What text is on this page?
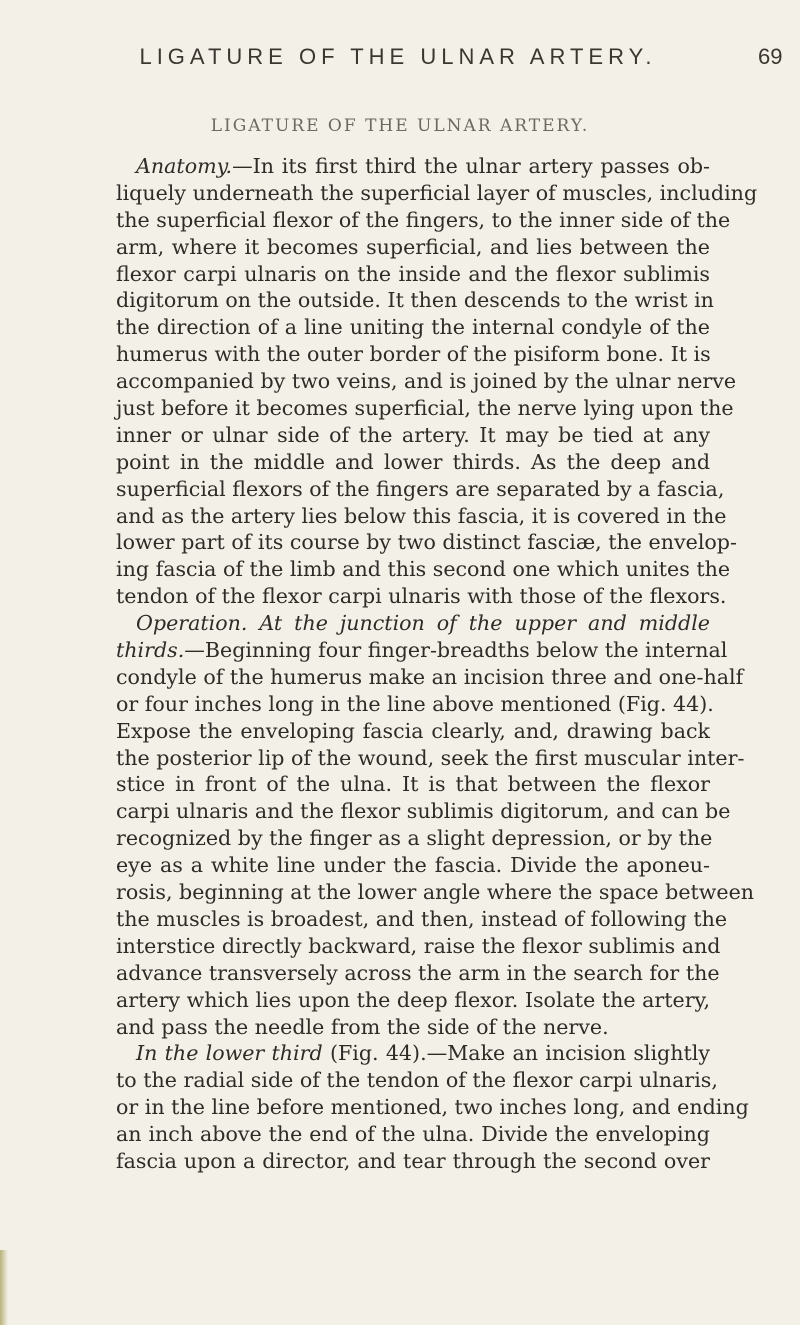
LIGATURE OF THE ULNAR ARTERY.	69
LIGATURE OF THE ULNAR ARTERY.
Anatomy.—In its first third the ulnar artery passes ob-
liquely underneath the superficial layer of muscles, including
the superficial flexor of the fingers, to the inner side of the
arm, where it becomes superficial, and lies between the
flexor carpi ulnaris on the inside and the flexor sublimis
digitorum on the outside. It then descends to the wrist in
the direction of a line uniting the internal condyle of the
humerus with the outer border of the pisiform bone. It is
accompanied by two veins, and is joined by the ulnar nerve
just before it becomes superficial, the nerve lying upon the
inner or ulnar side of the artery. It may be tied at any
point in the middle and lower thirds. As the deep and
superficial flexors of the fingers are separated by a fascia,
and as the artery lies below this fascia, it is covered in the
lower part of its course by two distinct fasciæ, the envelop-
ing fascia of the limb and this second one which unites the
tendon of the flexor carpi ulnaris with those of the flexors.
Operation. At the junction of the upper and middle
thirds.—Beginning four finger-breadths below the internal
condyle of the humerus make an incision three and one-half
or four inches long in the line above mentioned (Fig. 44).
Expose the enveloping fascia clearly, and, drawing back
the posterior lip of the wound, seek the first muscular inter-
stice in front of the ulna. It is that between the flexor
carpi ulnaris and the flexor sublimis digitorum, and can be
recognized by the finger as a slight depression, or by the
eye as a white line under the fascia. Divide the aponeu-
rosis, beginning at the lower angle where the space between
the muscles is broadest, and then, instead of following the
interstice directly backward, raise the flexor sublimis and
advance transversely across the arm in the search for the
artery which lies upon the deep flexor. Isolate the artery,
and pass the needle from the side of the nerve.
In the lower third (Fig. 44).—Make an incision slightly
to the radial side of the tendon of the flexor carpi ulnaris,
or in the line before mentioned, two inches long, and ending
an inch above the end of the ulna. Divide the enveloping
fascia upon a director, and tear through the second over
